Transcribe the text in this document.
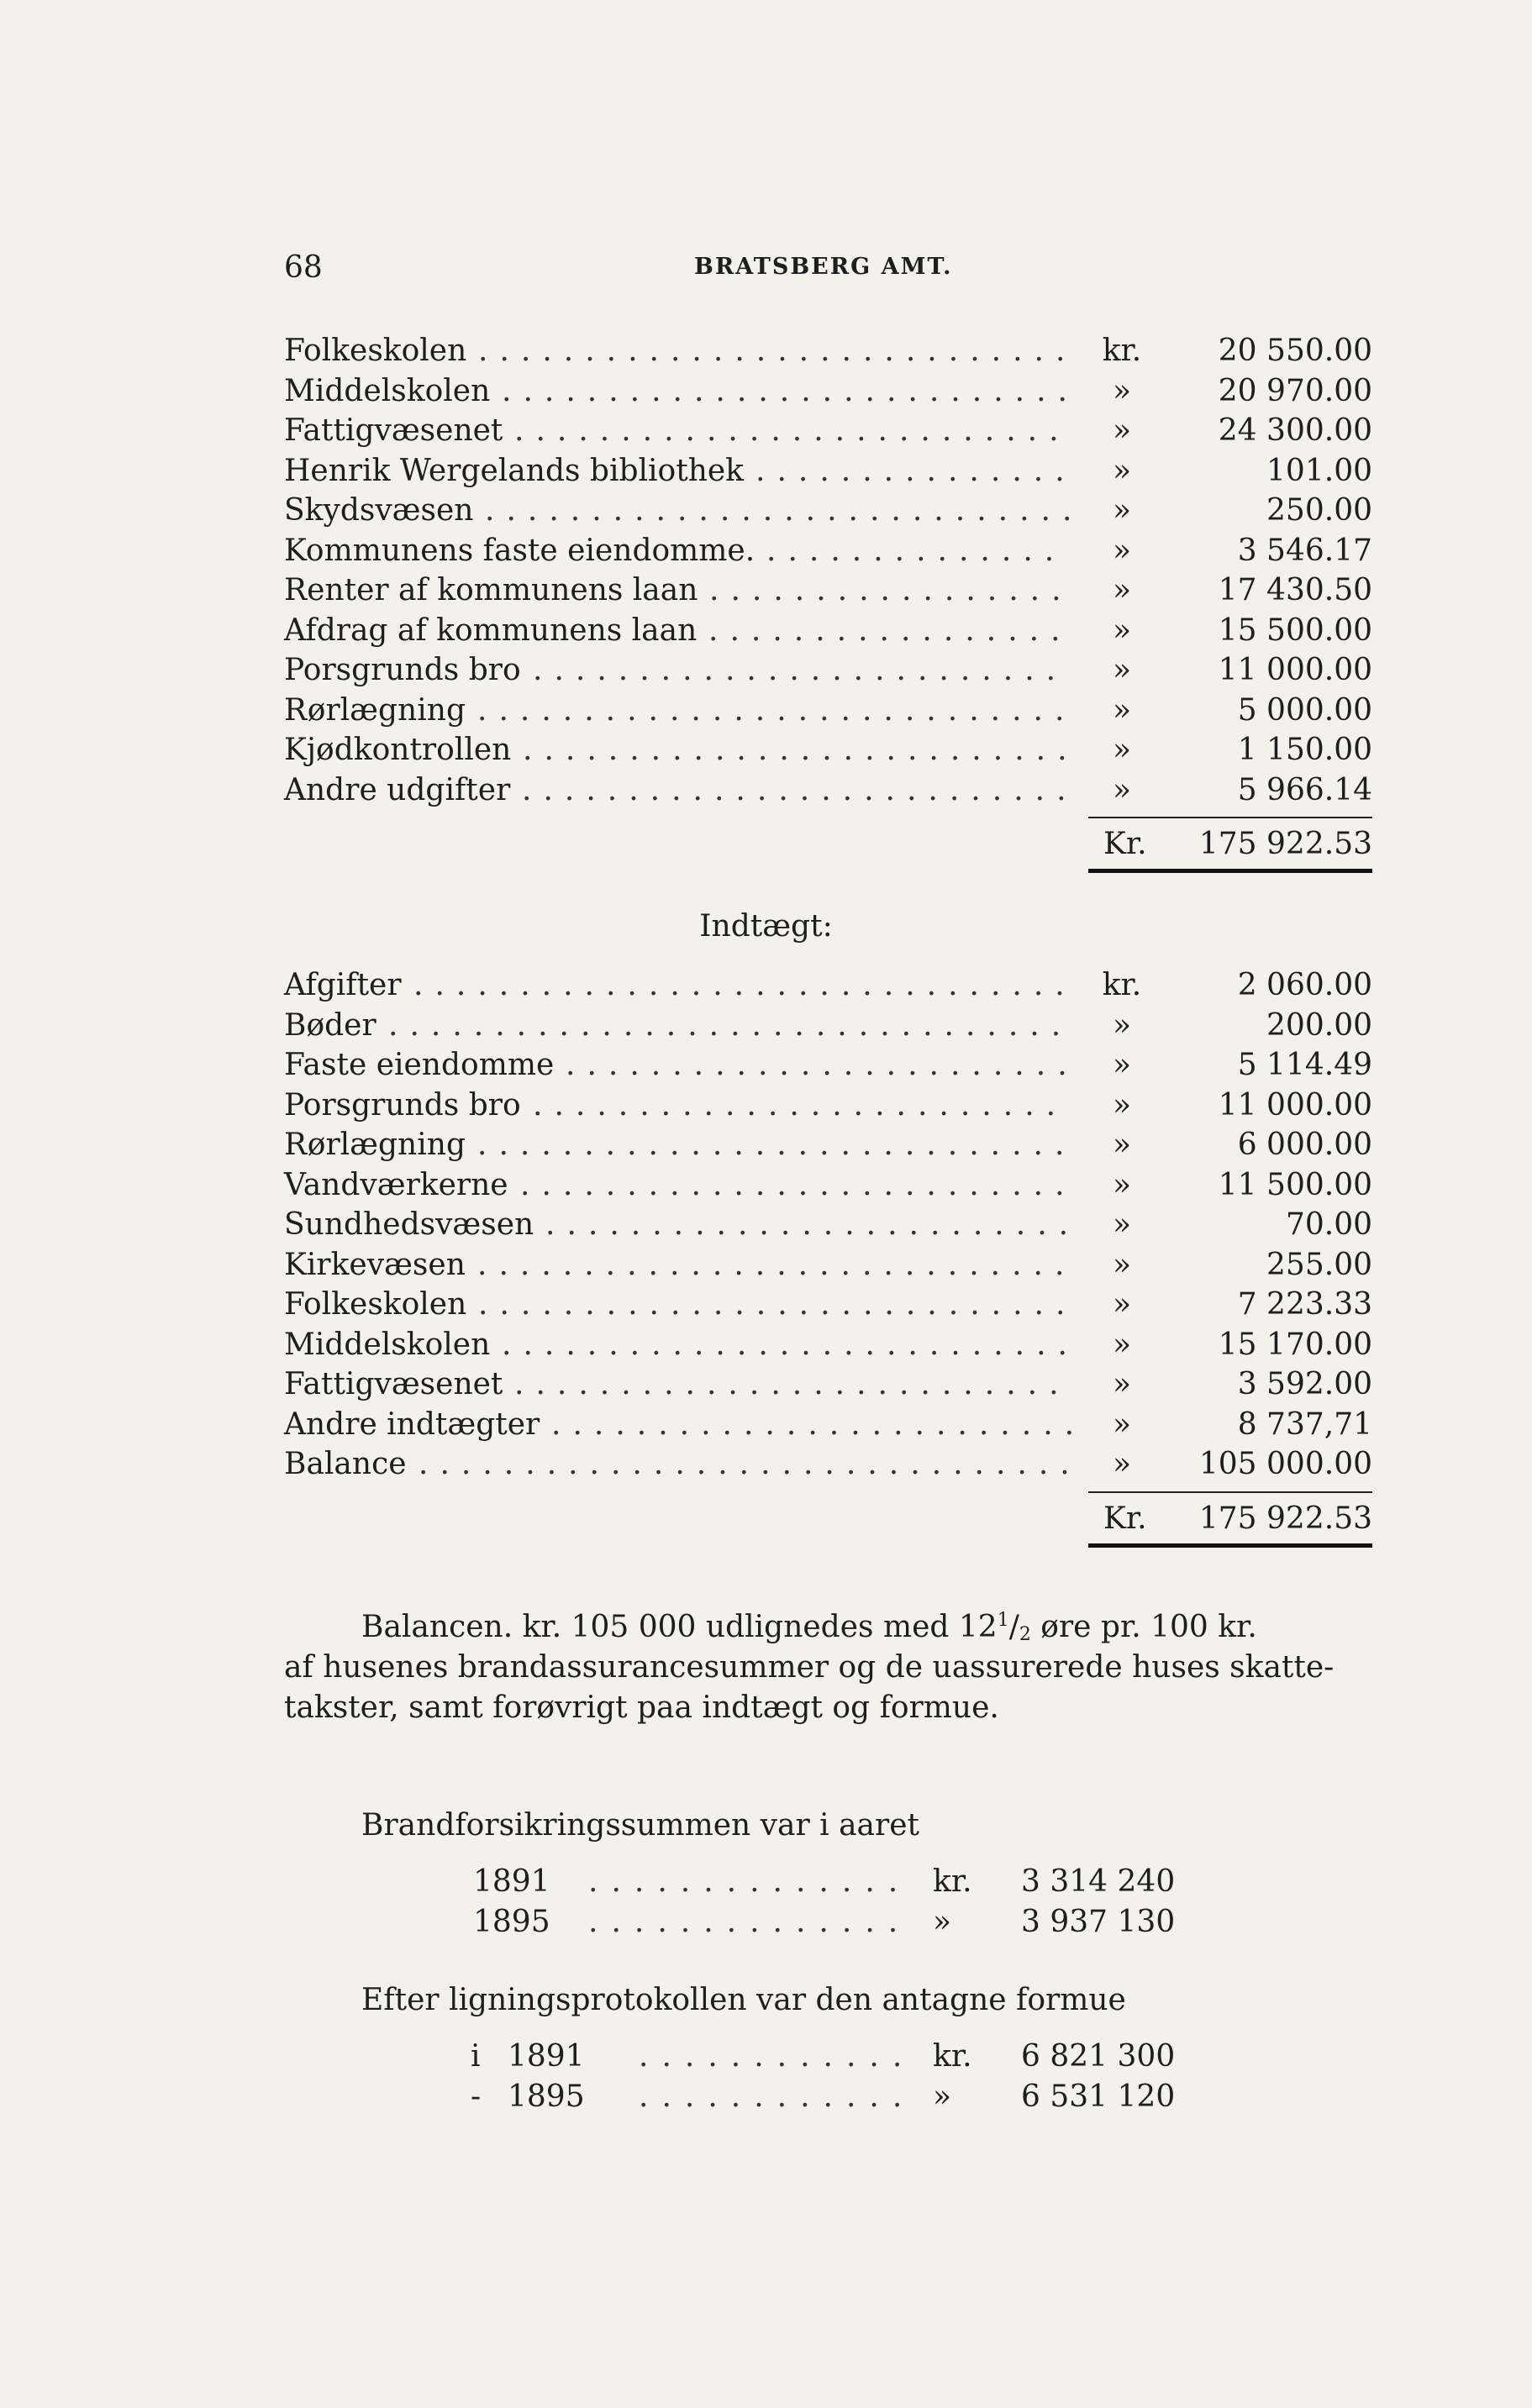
68	BRATSBERG AMT.
Folkeskolen ............................ kr.	20 550.00
Middelskolen ...........................	»	20 970.00
Fattigvæsenet ..........................	»	24 300.00
Henrik Wergelands bibliothek ...............	»	101.00
Skydsvæsen ............................ »	250.00
Kommunens faste eiendomme. ..............	»	3 546.17
Renter af kommunens laan .................	»	17 430.50
Afdrag af kommunens laan .................	»	15 500.00
Porsgrunds bro .........................	»	11 000.00
Rørlægning ............................	»	5 000.00
Kjødkontrollen ..........................	»	1 150.00
Andre udgifter ..........................	»	5 966.14
Kr. 175 922.53
Indtægt:
Afgifter ............................... kr.	2 060.00
Bøder ................................	»	200.00
Faste eiendomme ........................	»	5 114.49
Porsgrunds bro .........................	»	11 000.00
Rørlægning ............................	»	6 000.00
Vandværkerne ..........................	»	11 500.00
Sundhedsvæsen .........................	»	70.00
Kirkevæsen ............................	»	255.00
Folkeskolen ............................	»	7 223.33
Middelskolen ...........................	»	15 170.00
Fattigvæsenet ..........................	»	3 592.00
Andre indtægter ......................... »	8 737,71
Balance ...............................	»	105 000.00
Kr. 175 922.53
Balancen. kr. 105 000 udlignedes med $12^1/2$ øre pr. 100 kr.
af husenes brandassurancesummer og de uassurerede huses skatte-
takster, samt forøvrigt paa indtægt og formue.
Brandforsikringssummen var i aaret
1891 .............. kr. 3 314 240
1895 .............. » 3 937 130
Efter ligningsprotokollen var den antagne formue
i 1891 ............ kr. 6 821 300
- 1895 ............ » 6 531 120
